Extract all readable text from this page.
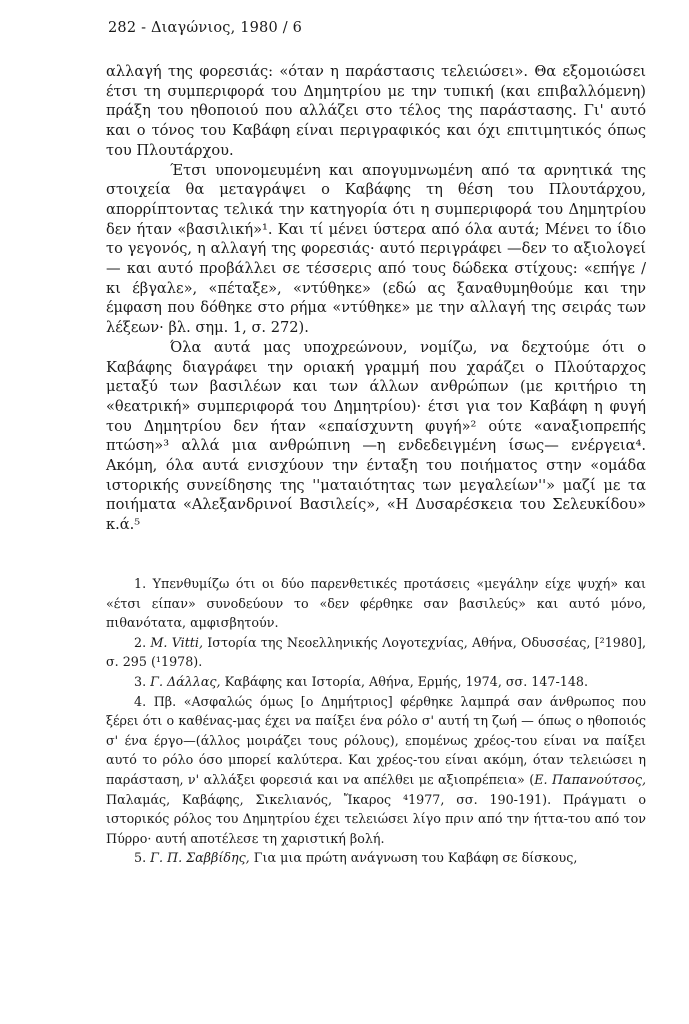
282 - Διαγώνιος, 1980 / 6

αλλαγή της φορεσιάς: «όταν η παράστασις τελειώσει». Θα εξομοιώσει έτσι τη συμπεριφορά του Δημητρίου με την τυπική (και επιβαλλόμενη) πράξη του ηθοποιού που αλλάζει στο τέλος της παράστασης. Γι' αυτό και ο τόνος του Καβάφη είναι περιγραφικός και όχι επιτιμητικός όπως του Πλουτάρχου.

Έτσι υπονομευμένη και απογυμνωμένη από τα αρνητικά της στοιχεία θα μεταγράψει ο Καβάφης τη θέση του Πλουτάρχου, απορρίπτοντας τελικά την κατηγορία ότι η συμπεριφορά του Δημητρίου δεν ήταν «βασιλική»¹. Και τί μένει ύστερα από όλα αυτά; Μένει το ίδιο το γεγονός, η αλλαγή της φορεσιάς· αυτό περιγράφει —δεν το αξιολογεί— και αυτό προβάλλει σε τέσσερις από τους δώδεκα στίχους: «επήγε / κι έβγαλε», «πέταξε», «ντύθηκε» (εδώ ας ξαναθυμηθούμε και την έμφαση που δόθηκε στο ρήμα «ντύθηκε» με την αλλαγή της σειράς των λέξεων· βλ. σημ. 1, σ. 272).

Όλα αυτά μας υποχρεώνουν, νομίζω, να δεχτούμε ότι ο Καβάφης διαγράφει την οριακή γραμμή που χαράζει ο Πλούταρχος μεταξύ των βασιλέων και των άλλων ανθρώπων (με κριτήριο τη «θεατρική» συμπεριφορά του Δημητρίου)· έτσι για τον Καβάφη η φυγή του Δημητρίου δεν ήταν «επαίσχυντη φυγή»² ούτε «αναξιοπρεπής πτώση»³ αλλά μια ανθρώπινη —η ενδεδειγμένη ίσως— ενέργεια⁴. Ακόμη, όλα αυτά ενισχύουν την ένταξη του ποιήματος στην «ομάδα ιστορικής συνείδησης της ''ματαιότητας των μεγαλείων''» μαζί με τα ποιήματα «Αλεξανδρινοί Βασιλείς», «Η Δυσαρέσκεια του Σελευκίδου» κ.ά.⁵

1. Υπενθυμίζω ότι οι δύο παρενθετικές προτάσεις «μεγάλην είχε ψυχή» και «έτσι είπαν» συνοδεύουν το «δεν φέρθηκε σαν βασιλεύς» και αυτό μόνο, πιθανότατα, αμφισβητούν.

2. M. Vitti, Ιστορία της Νεοελληνικής Λογοτεχνίας, Αθήνα, Οδυσσέας, [²1980], σ. 295 (¹1978).

3. Γ. Δάλλας, Καβάφης και Ιστορία, Αθήνα, Ερμής, 1974, σσ. 147-148.

4. Πβ. «Ασφαλώς όμως [ο Δημήτριος] φέρθηκε λαμπρά σαν άνθρωπος που ξέρει ότι ο καθένας-μας έχει να παίξει ένα ρόλο σ' αυτή τη ζωή — όπως ο ηθοποιός σ' ένα έργο—(άλλος μοιράζει τους ρόλους), επομένως χρέος-του είναι να παίξει αυτό το ρόλο όσο μπορεί καλύτερα. Και χρέος-του είναι ακόμη, όταν τελειώσει η παράσταση, ν' αλλάξει φορεσιά και να απέλθει με αξιοπρέπεια» (Ε. Παπανούτσος, Παλαμάς, Καβάφης, Σικελιανός, Ἴκαρος ⁴1977, σσ. 190-191). Πράγματι ο ιστορικός ρόλος του Δημητρίου έχει τελειώσει λίγο πριν από την ήττα-του από τον Πύρρο· αυτή αποτέλεσε τη χαριστική βολή.

5. Γ. Π. Σαββίδης, Για μια πρώτη ανάγνωση του Καβάφη σε δίσκους,
